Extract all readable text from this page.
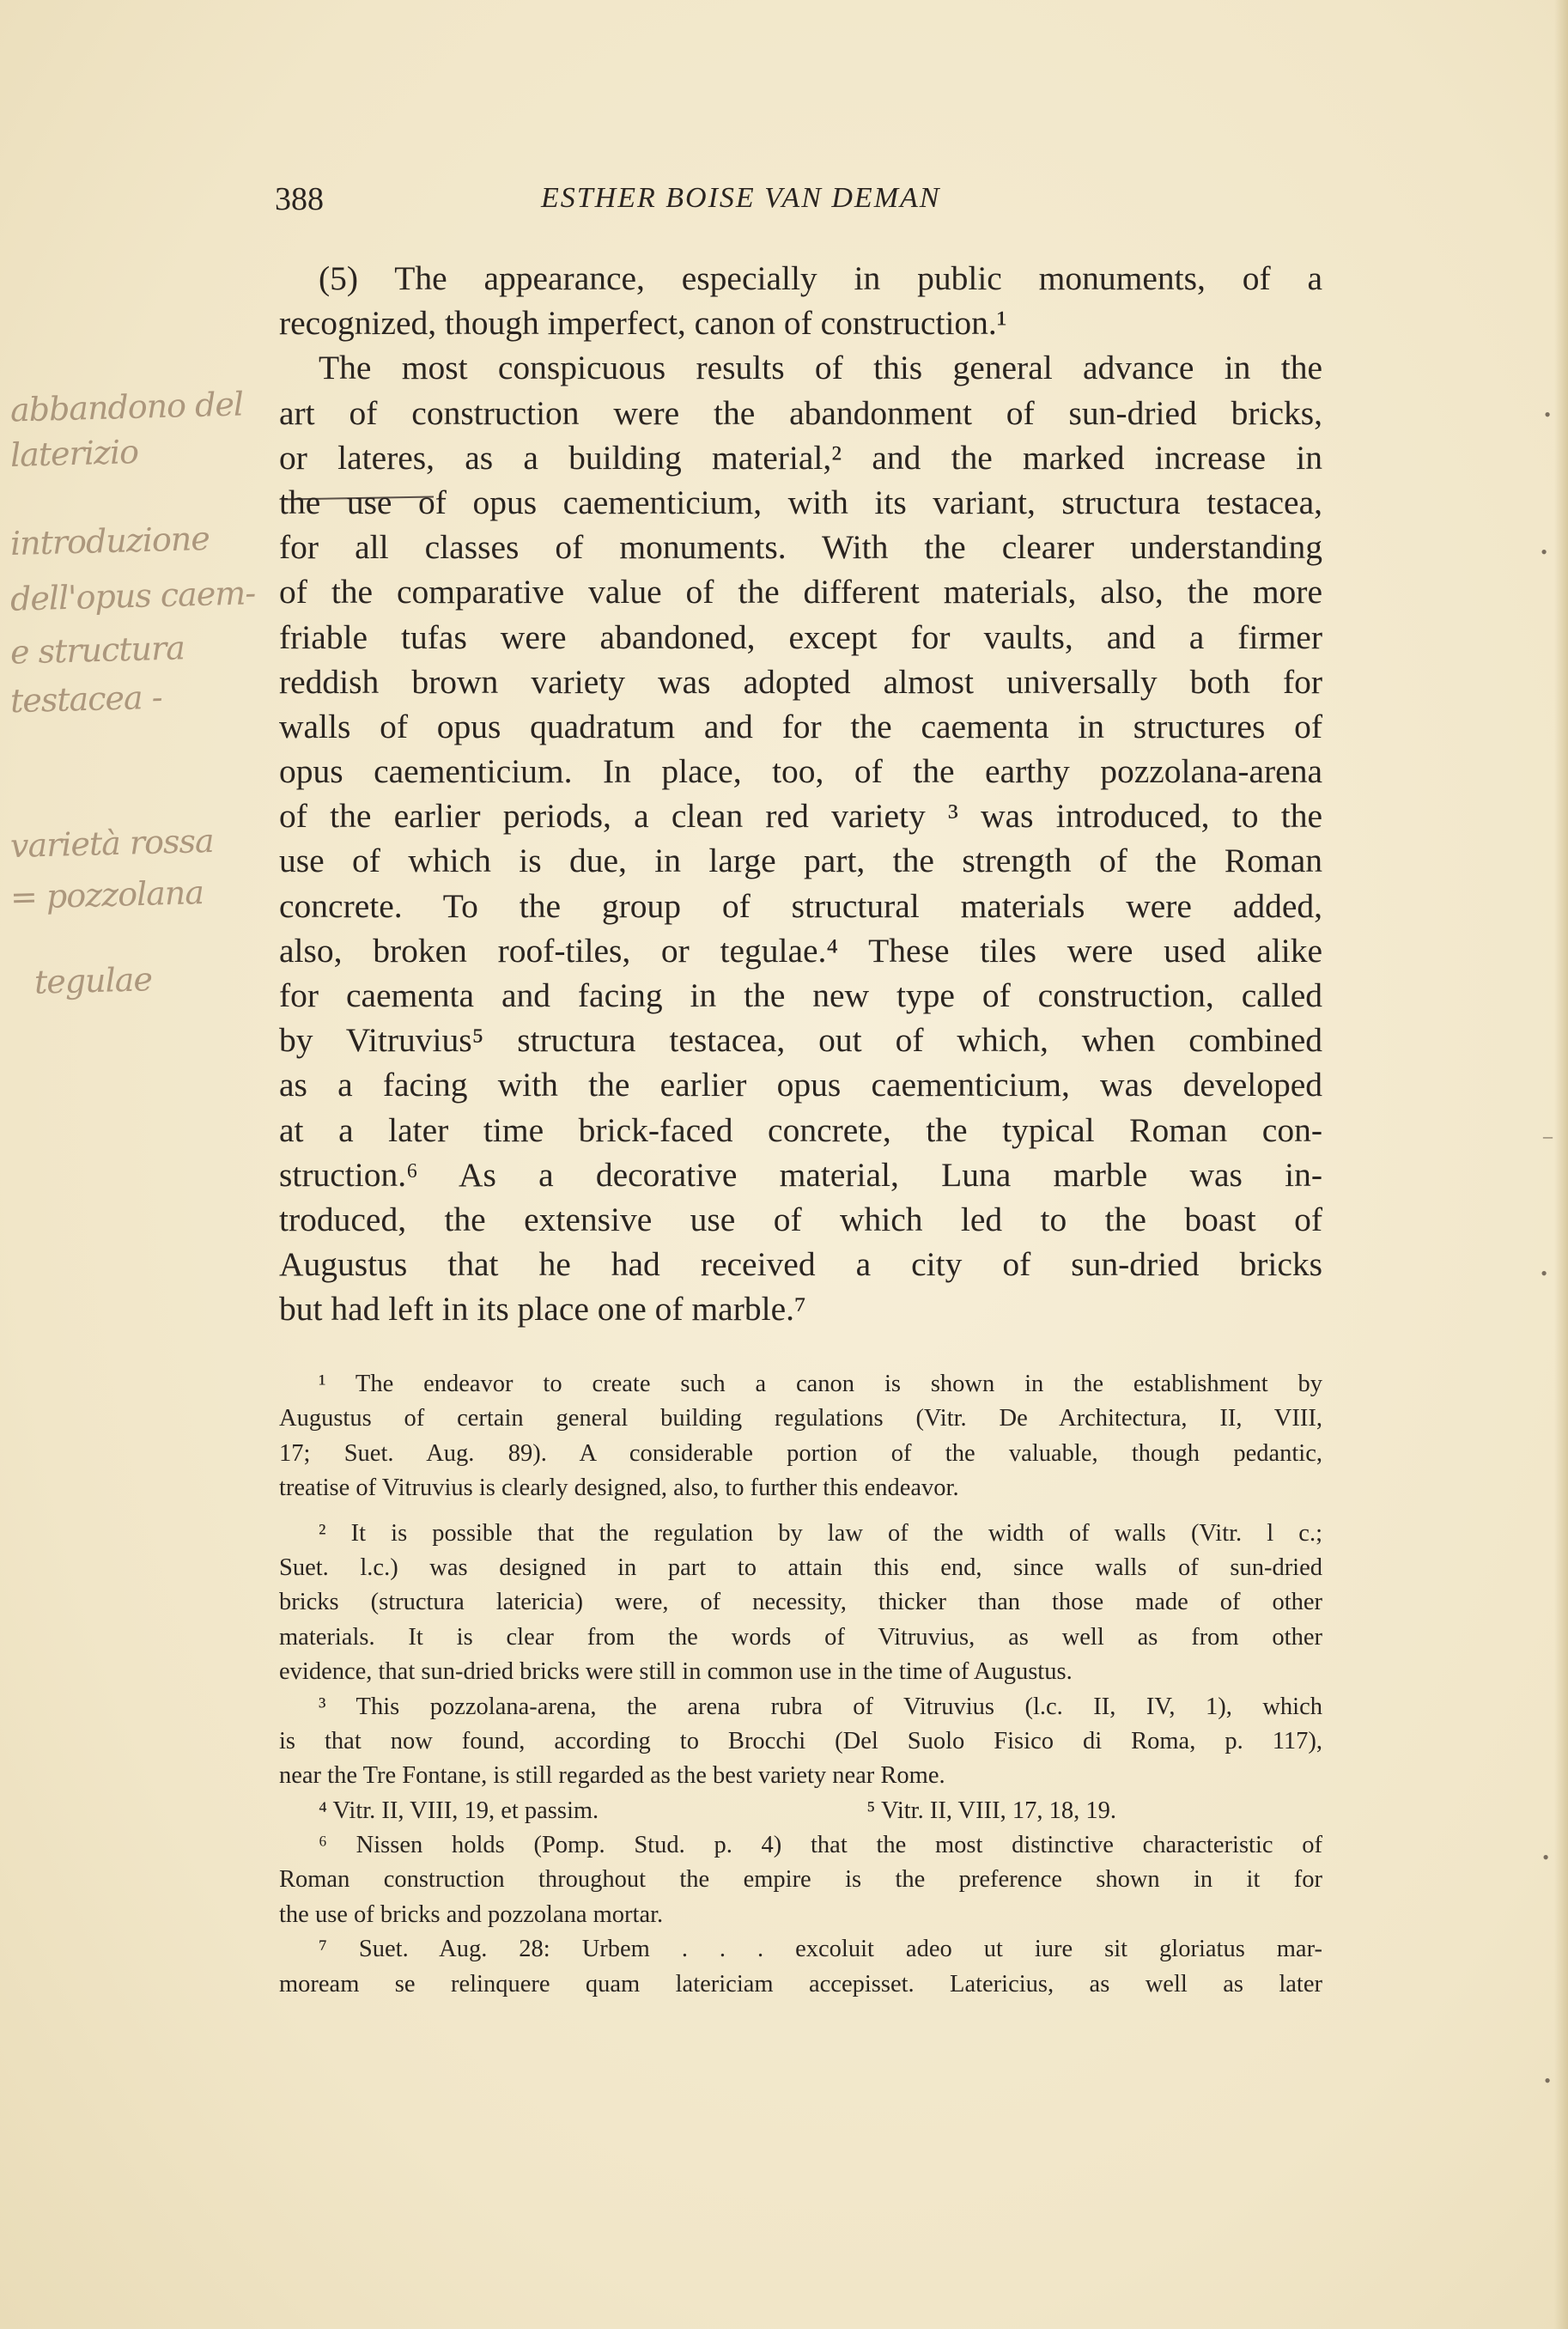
388	ESTHER BOISE VAN DEMAN
abbandono del
laterizio
introduzione
dell'opus caem-
e structura
testacea -
varietà rossa
= pozzolana
tegulae
(5) The appearance, especially in public monuments, of a
recognized, though imperfect, canon of construction.¹
The most conspicuous results of this general advance in the
art of construction were the abandonment of sun-dried bricks,
or lateres, as a building material,² and the marked increase in
the use of opus caementicium, with its variant, structura testacea,
for all classes of monuments. With the clearer understanding
of the comparative value of the different materials, also, the more
friable tufas were abandoned, except for vaults, and a firmer
reddish brown variety was adopted almost universally both for
walls of opus quadratum and for the caementa in structures of
opus caementicium. In place, too, of the earthy pozzolana-arena
of the earlier periods, a clean red variety ³ was introduced, to the
use of which is due, in large part, the strength of the Roman
concrete. To the group of structural materials were added,
also, broken roof-tiles, or tegulae.⁴ These tiles were used alike
for caementa and facing in the new type of construction, called
by Vitruvius⁵ structura testacea, out of which, when combined
as a facing with the earlier opus caementicium, was developed
at a later time brick-faced concrete, the typical Roman con-
struction.⁶ As a decorative material, Luna marble was in-
troduced, the extensive use of which led to the boast of
Augustus that he had received a city of sun-dried bricks
but had left in its place one of marble.⁷
¹ The endeavor to create such a canon is shown in the establishment by
Augustus of certain general building regulations (Vitr. De Architectura, II, VIII,
17; Suet. Aug. 89). A considerable portion of the valuable, though pedantic,
treatise of Vitruvius is clearly designed, also, to further this endeavor.
² It is possible that the regulation by law of the width of walls (Vitr. l c.;
Suet. l.c.) was designed in part to attain this end, since walls of sun-dried
bricks (structura latericia) were, of necessity, thicker than those made of other
materials. It is clear from the words of Vitruvius, as well as from other
evidence, that sun-dried bricks were still in common use in the time of Augustus.
³ This pozzolana-arena, the arena rubra of Vitruvius (l.c. II, IV, 1), which
is that now found, according to Brocchi (Del Suolo Fisico di Roma, p. 117),
near the Tre Fontane, is still regarded as the best variety near Rome.
⁴ Vitr. II, VIII, 19, et passim.	⁵ Vitr. II, VIII, 17, 18, 19.
⁶ Nissen holds (Pomp. Stud. p. 4) that the most distinctive characteristic of
Roman construction throughout the empire is the preference shown in it for
the use of bricks and pozzolana mortar.
⁷ Suet. Aug. 28: Urbem . . . excoluit adeo ut iure sit gloriatus mar-
moream se relinquere quam latericiam accepisset. Latericius, as well as later
•
•
‒
•
•
•
